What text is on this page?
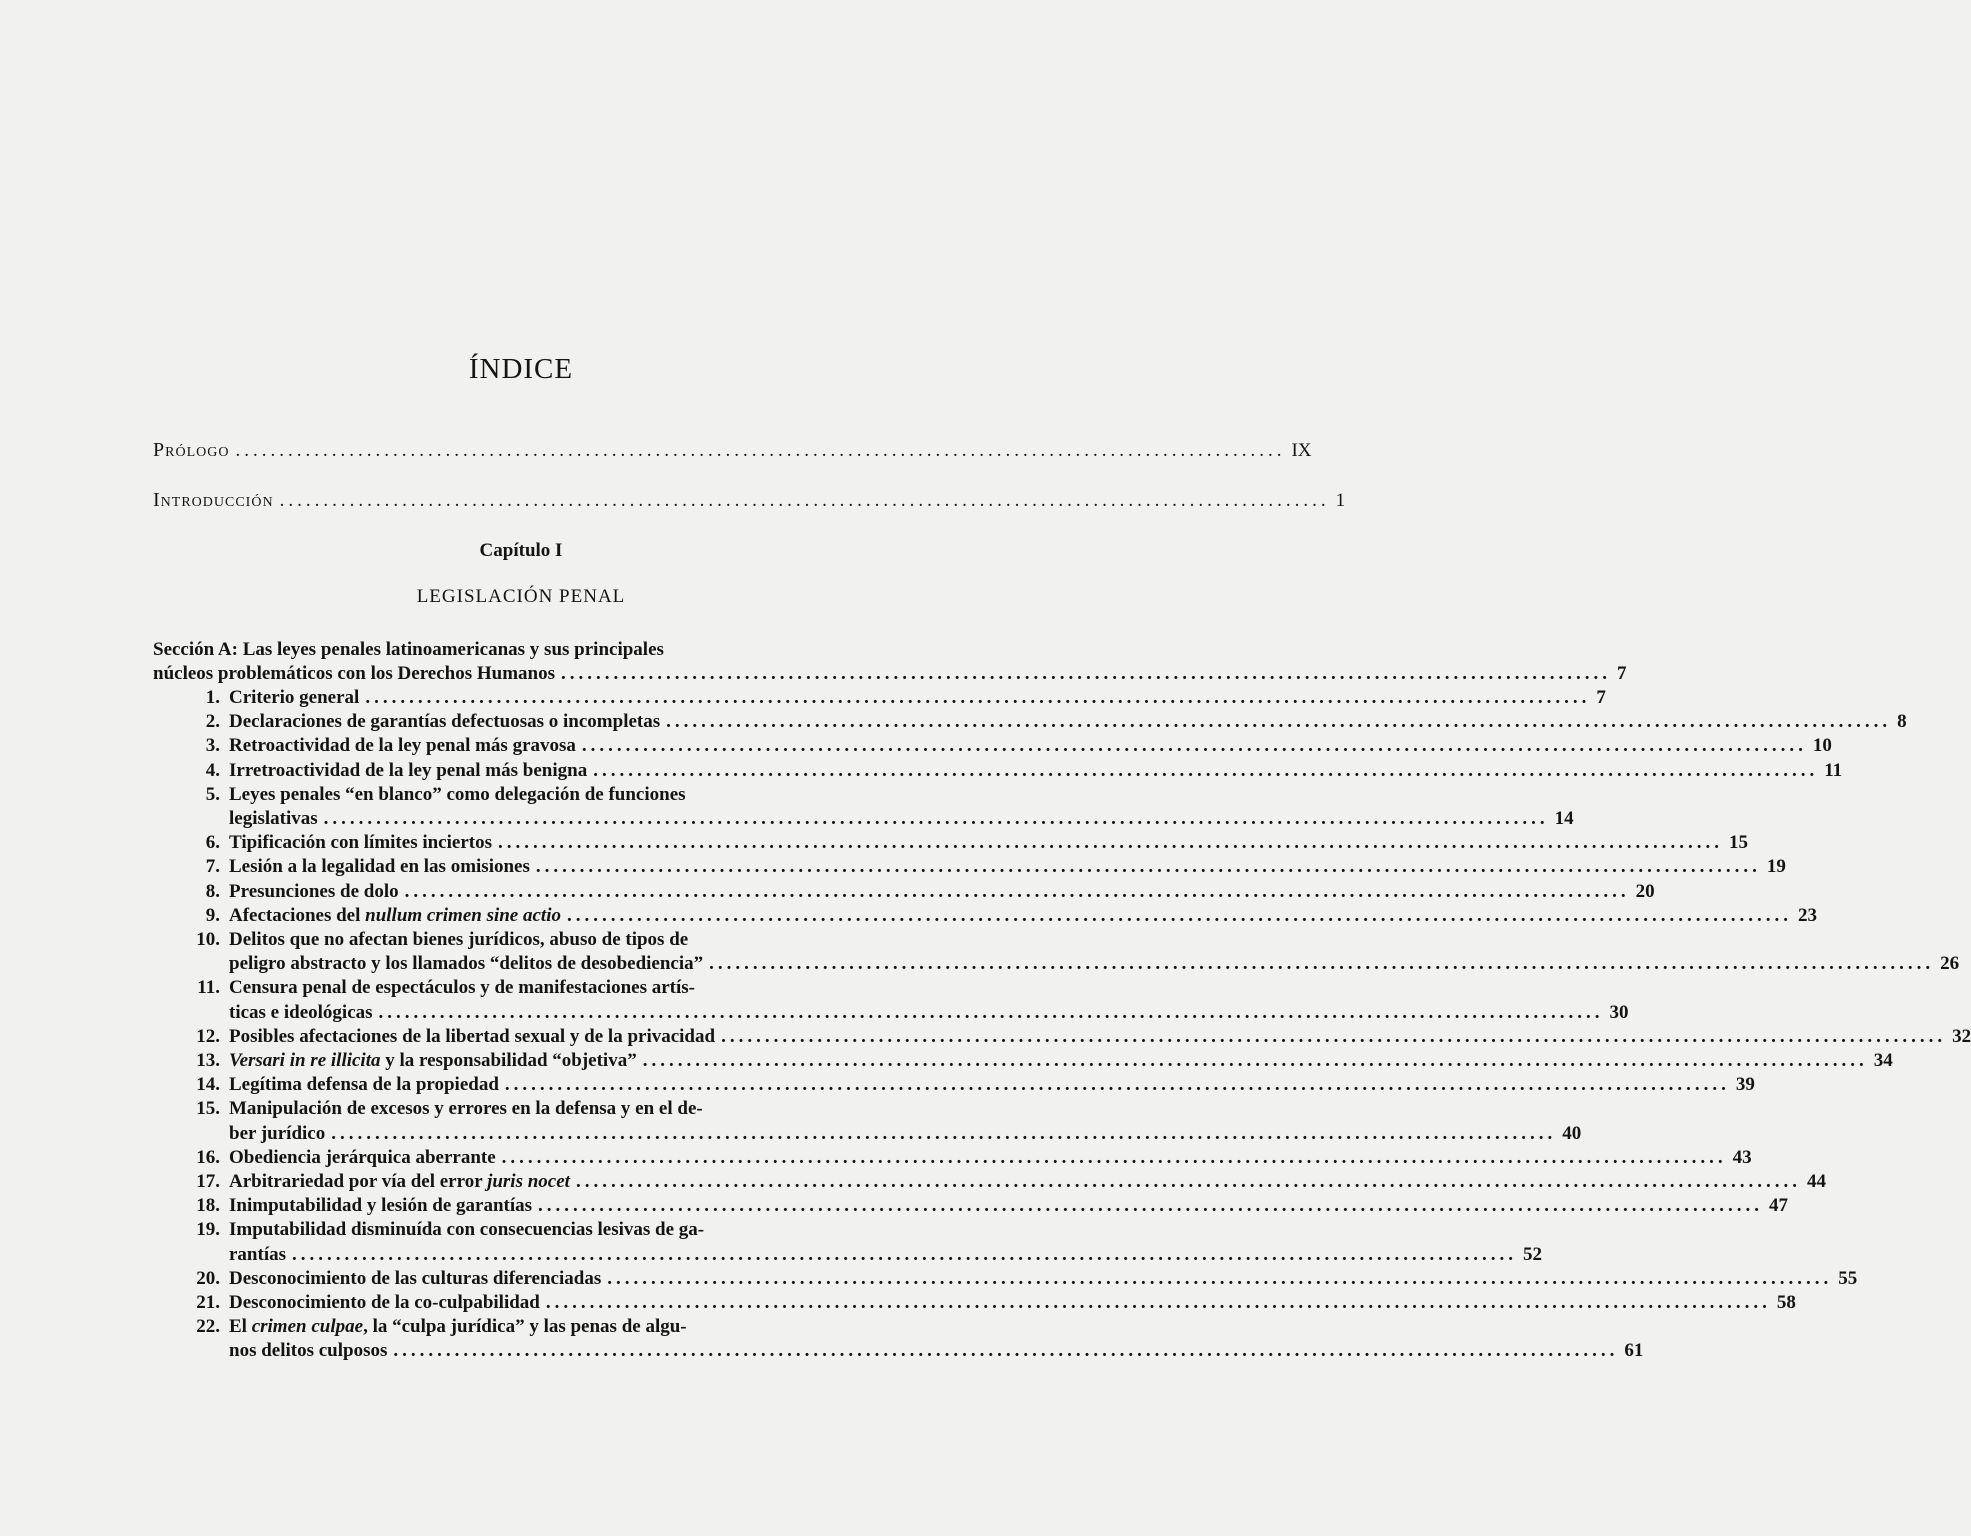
ÍNDICE
Prólogo ........................................................................................................................ IX
Introducción ........................................................................................................................ 1
Capítulo I
LEGISLACIÓN PENAL
Sección A: Las leyes penales latinoamericanas y sus principales
núcleos problemáticos con los Derechos Humanos ........................................................................................................................ 7
1. Criterio general ............................................................................................................................................ 7
2. Declaraciones de garantías defectuosas o incompletas ............................................................................................................................................ 8
3. Retroactividad de la ley penal más gravosa ............................................................................................................................................ 10
4. Irretroactividad de la ley penal más benigna ............................................................................................................................................ 11
5. Leyes penales “en blanco” como delegación de funciones
legislativas ............................................................................................................................................ 14
6. Tipificación con límites inciertos ............................................................................................................................................ 15
7. Lesión a la legalidad en las omisiones ............................................................................................................................................ 19
8. Presunciones de dolo ............................................................................................................................................ 20
9. Afectaciones del nullum crimen sine actio ............................................................................................................................................ 23
10. Delitos que no afectan bienes jurídicos, abuso de tipos de
peligro abstracto y los llamados “delitos de desobediencia” ............................................................................................................................................ 26
11. Censura penal de espectáculos y de manifestaciones artís-
ticas e ideológicas ............................................................................................................................................ 30
12. Posibles afectaciones de la libertad sexual y de la privacidad ............................................................................................................................................ 32
13. Versari in re illicita y la responsabilidad “objetiva” ............................................................................................................................................ 34
14. Legítima defensa de la propiedad ............................................................................................................................................ 39
15. Manipulación de excesos y errores en la defensa y en el de-
ber jurídico ............................................................................................................................................ 40
16. Obediencia jerárquica aberrante ............................................................................................................................................ 43
17. Arbitrariedad por vía del error juris nocet ............................................................................................................................................ 44
18. Inimputabilidad y lesión de garantías ............................................................................................................................................ 47
19. Imputabilidad disminuída con consecuencias lesivas de ga-
rantías ............................................................................................................................................ 52
20. Desconocimiento de las culturas diferenciadas ............................................................................................................................................ 55
21. Desconocimiento de la co-culpabilidad ............................................................................................................................................ 58
22. El crimen culpae, la “culpa jurídica” y las penas de algu-
nos delitos culposos ............................................................................................................................................ 61
